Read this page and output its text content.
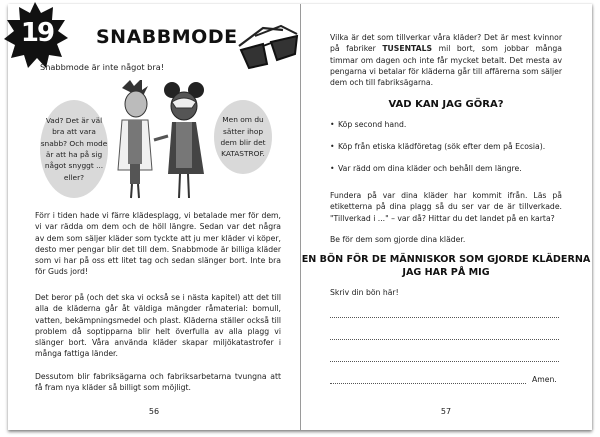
19	SNABBMODE
Snabbmode är inte något bra!
Vad? Det är väl bra att vara snabb? Och mode är att ha på sig något snyggt ... eller?
Men om du sätter ihop dem blir det KATASTROF.

Förr i tiden hade vi färre klädesplagg, vi betalade mer för dem, vi var rädda om dem och de höll längre. Sedan var det några av dem som säljer kläder som tyckte att ju mer kläder vi köper, desto mer pengar blir det till dem. Snabbmode är billiga kläder som vi har på oss ett litet tag och sedan slänger bort. Inte bra för Guds jord!

Det beror på (och det ska vi också se i nästa kapitel) att det till alla de kläderna går åt väldiga mängder råmaterial: bomull, vatten, bekämpningsmedel och plast. Kläderna ställer också till problem då soptipparna blir helt överfulla av alla plagg vi slänger bort. Våra använda kläder skapar miljökatastrofer i många fattiga länder.

Dessutom blir fabriksägarna och fabriksarbetarna tvungna att få fram nya kläder så billigt som möjligt.

56

Vilka är det som tillverkar våra kläder? Det är mest kvinnor på fabriker TUSENTALS mil bort, som jobbar många timmar om dagen och inte får mycket betalt. Det mesta av pengarna vi betalar för kläderna går till affärerna som säljer dem och till fabriksägarna.

VAD KAN JAG GÖRA?
• Köp second hand.
• Köp från etiska klädföretag (sök efter dem på Ecosia).
• Var rädd om dina kläder och behåll dem längre.

Fundera på var dina kläder har kommit ifrån. Läs på etiketterna på dina plagg så du ser var de är tillverkade. "Tillverkad i ..." – var då? Hittar du det landet på en karta?

Be för dem som gjorde dina kläder.

EN BÖN FÖR DE MÄNNISKOR SOM GJORDE KLÄDERNA JAG HAR PÅ MIG

Skriv din bön här!

Amen.
57
